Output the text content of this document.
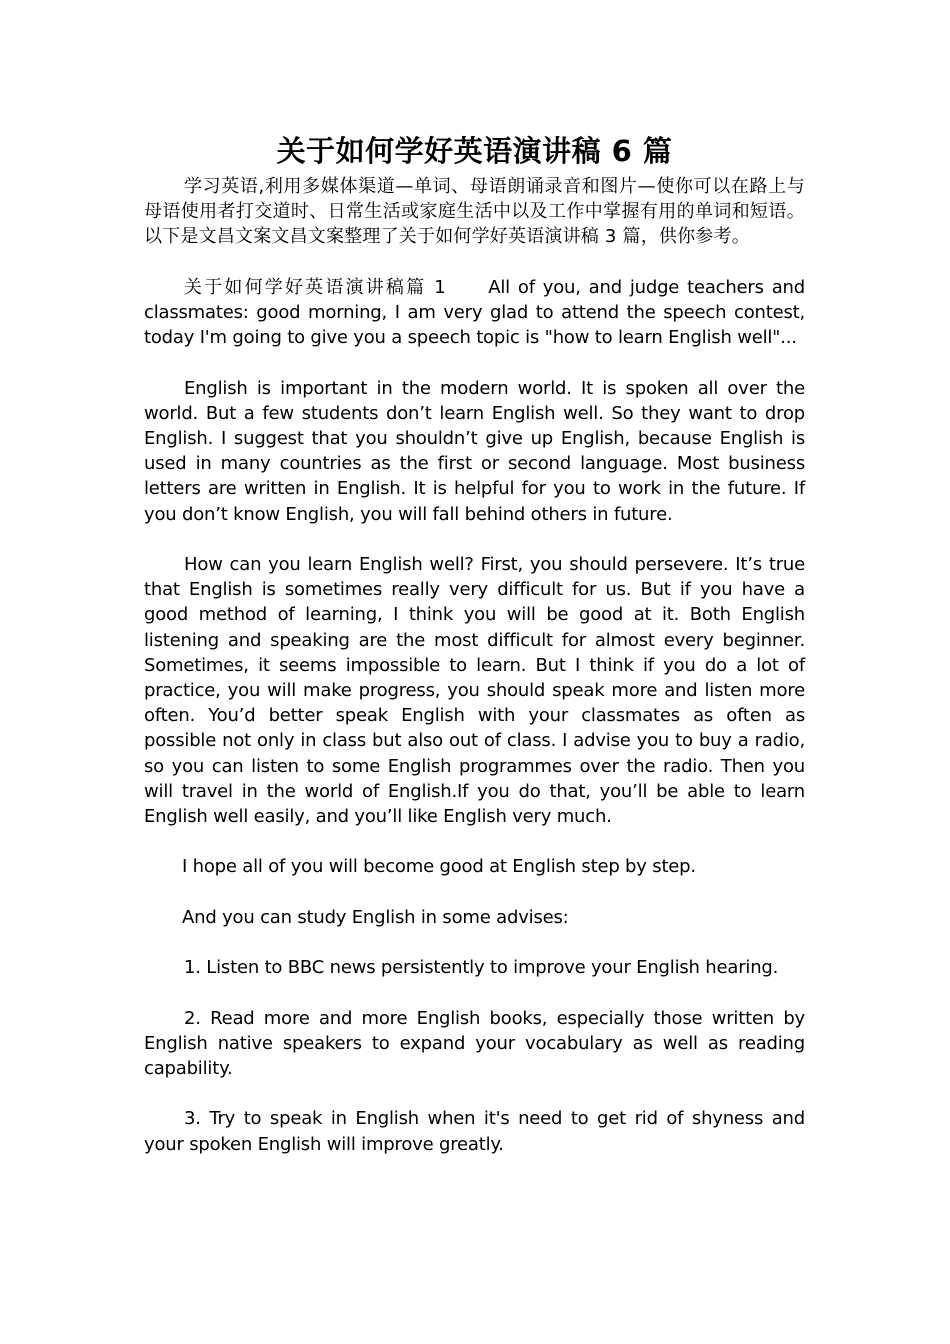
关于如何学好英语演讲稿 6 篇

学习英语,利用多媒体渠道—单词、母语朗诵录音和图片—使你可以在路上与母语使用者打交道时、日常生活或家庭生活中以及工作中掌握有用的单词和短语。以下是文昌文案文昌文案整理了关于如何学好英语演讲稿 3 篇，供你参考。

关于如何学好英语演讲稿篇 1　　All of you, and judge teachers and classmates: good morning, I am very glad to attend the speech contest, today I'm going to give you a speech topic is "how to learn English well"...

English is important in the modern world. It is spoken all over the world. But a few students don’t learn English well. So they want to drop English. I suggest that you shouldn’t give up English, because English is used in many countries as the first or second language. Most business letters are written in English. It is helpful for you to work in the future. If you don’t know English, you will fall behind others in future.

How can you learn English well? First, you should persevere. It’s true that English is sometimes really very difficult for us. But if you have a good method of learning, I think you will be good at it. Both English listening and speaking are the most difficult for almost every beginner. Sometimes, it seems impossible to learn. But I think if you do a lot of practice, you will make progress, you should speak more and listen more often. You’d better speak English with your classmates as often as possible not only in class but also out of class. I advise you to buy a radio, so you can listen to some English programmes over the radio. Then you will travel in the world of English.If you do that, you’ll be able to learn English well easily, and you’ll like English very much.

I hope all of you will become good at English step by step.

And you can study English in some advises:

1. Listen to BBC news persistently to improve your English hearing.

2. Read more and more English books, especially those written by English native speakers to expand your vocabulary as well as reading capability.

3. Try to speak in English when it's need to get rid of shyness and your spoken English will improve greatly.
